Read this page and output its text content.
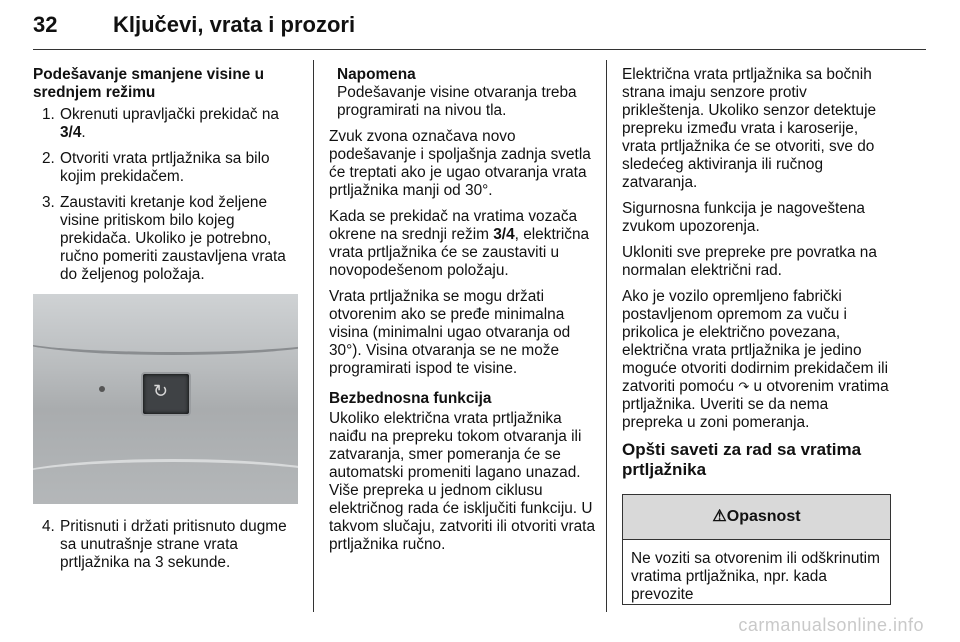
32	Ključevi, vrata i prozori
Podešavanje smanjene visine u
srednjem režimu
1. Okrenuti upravljački prekidač na 3/4.
2. Otvoriti vrata prtljažnika sa bilo kojim prekidačem.
3. Zaustaviti kretanje kod željene visine pritiskom bilo kojeg prekidača. Ukoliko je potrebno, ručno pomeriti zaustavljena vrata do željenog položaja.
↻
4. Pritisnuti i držati pritisnuto dugme sa unutrašnje strane vrata prtljažnika na 3 sekunde.
Napomena
Podešavanje visine otvaranja treba programirati na nivou tla.

Zvuk zvona označava novo podešavanje i spoljašnja zadnja svetla će treptati ako je ugao otvaranja vrata prtljažnika manji od 30°.

Kada se prekidač na vratima vozača okrene na srednji režim 3/4, električna vrata prtljažnika će se zaustaviti u novopodešenom položaju.

Vrata prtljažnika se mogu držati otvorenim ako se pređe minimalna visina (minimalni ugao otvaranja od 30°). Visina otvaranja se ne može programirati ispod te visine.

Bezbednosna funkcija

Ukoliko električna vrata prtljažnika naiđu na prepreku tokom otvaranja ili zatvaranja, smer pomeranja će se automatski promeniti lagano unazad. Više prepreka u jednom ciklusu električnog rada će isključiti funkciju. U takvom slučaju, zatvoriti ili otvoriti vrata prtljažnika ručno.

Električna vrata prtljažnika sa bočnih strana imaju senzore protiv prikleštenja. Ukoliko senzor detektuje prepreku između vrata i karoserije, vrata prtljažnika će se otvoriti, sve do sledećeg aktiviranja ili ručnog zatvaranja.

Sigurnosna funkcija je nagoveštena zvukom upozorenja.

Ukloniti sve prepreke pre povratka na normalan električni rad.

Ako je vozilo opremljeno fabrički postavljenom opremom za vuču i prikolica je električno povezana, električna vrata prtljažnika je jedino moguće otvoriti dodirnim prekidačem ili zatvoriti pomoću ↷ u otvorenim vratima prtljažnika. Uveriti se da nema prepreka u zoni pomeranja.

Opšti saveti za rad sa vratima prtljažnika
⚠Opasnost
Ne voziti sa otvorenim ili odškrinutim vratima prtljažnika, npr. kada prevozite
carmanualsonline.info
